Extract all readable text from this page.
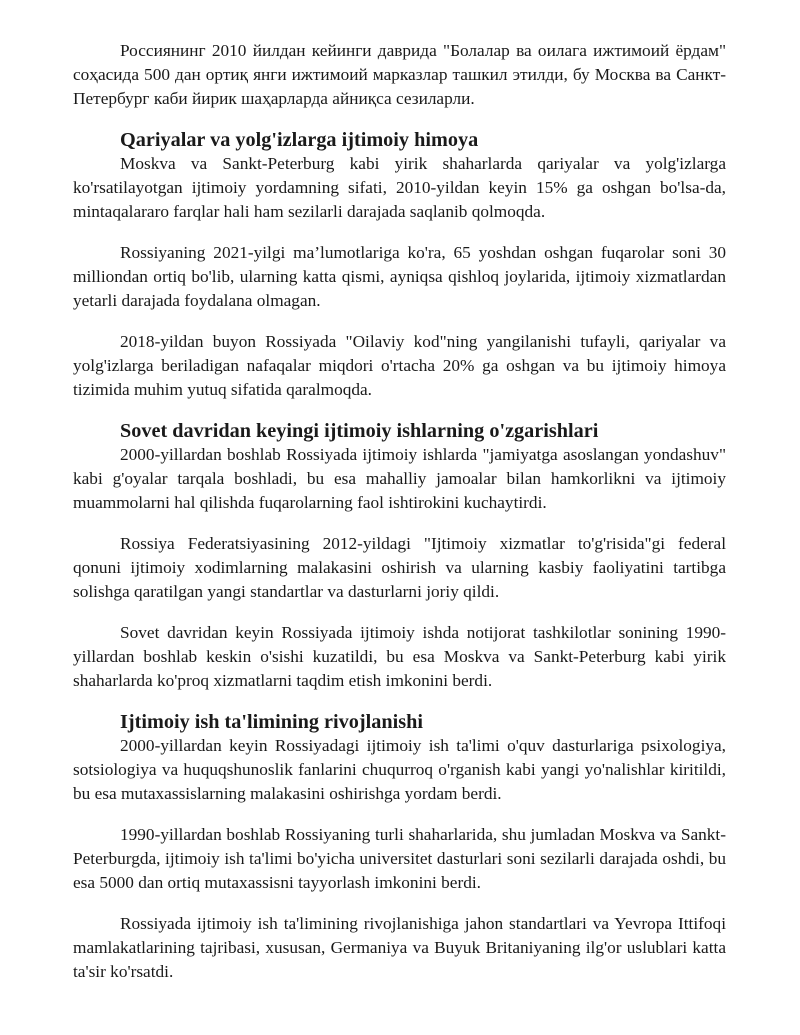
Россиянинг 2010 йилдан кейинги даврида "Болалар ва оилага ижтимоий ёрдам" соҳасида 500 дан ортиқ янги ижтимоий марказлар ташкил этилди, бу Москва ва Санкт-Петербург каби йирик шаҳарларда айниқса сезиларли.

Qariyalar va yolg'izlarga ijtimoiy himoya

Moskva va Sankt-Peterburg kabi yirik shaharlarda qariyalar va yolg'izlarga ko'rsatilayotgan ijtimoiy yordamning sifati, 2010-yildan keyin 15% ga oshgan bo'lsa-da, mintaqalararo farqlar hali ham sezilarli darajada saqlanib qolmoqda.

Rossiyaning 2021-yilgi ma’lumotlariga ko'ra, 65 yoshdan oshgan fuqarolar soni 30 milliondan ortiq bo'lib, ularning katta qismi, ayniqsa qishloq joylarida, ijtimoiy xizmatlardan yetarli darajada foydalana olmagan.

2018-yildan buyon Rossiyada "Oilaviy kod"ning yangilanishi tufayli, qariyalar va yolg'izlarga beriladigan nafaqalar miqdori o'rtacha 20% ga oshgan va bu ijtimoiy himoya tizimida muhim yutuq sifatida qaralmoqda.

Sovet davridan keyingi ijtimoiy ishlarning o'zgarishlari

2000-yillardan boshlab Rossiyada ijtimoiy ishlarda "jamiyatga asoslangan yondashuv" kabi g'oyalar tarqala boshladi, bu esa mahalliy jamoalar bilan hamkorlikni va ijtimoiy muammolarni hal qilishda fuqarolarning faol ishtirokini kuchaytirdi.

Rossiya Federatsiyasining 2012-yildagi "Ijtimoiy xizmatlar to'g'risida"gi federal qonuni ijtimoiy xodimlarning malakasini oshirish va ularning kasbiy faoliyatini tartibga solishga qaratilgan yangi standartlar va dasturlarni joriy qildi.

Sovet davridan keyin Rossiyada ijtimoiy ishda notijorat tashkilotlar sonining 1990-yillardan boshlab keskin o'sishi kuzatildi, bu esa Moskva va Sankt-Peterburg kabi yirik shaharlarda ko'proq xizmatlarni taqdim etish imkonini berdi.

Ijtimoiy ish ta'limining rivojlanishi

2000-yillardan keyin Rossiyadagi ijtimoiy ish ta'limi o'quv dasturlariga psixologiya, sotsiologiya va huquqshunoslik fanlarini chuqurroq o'rganish kabi yangi yo'nalishlar kiritildi, bu esa mutaxassislarning malakasini oshirishga yordam berdi.

1990-yillardan boshlab Rossiyaning turli shaharlarida, shu jumladan Moskva va Sankt-Peterburgda, ijtimoiy ish ta'limi bo'yicha universitet dasturlari soni sezilarli darajada oshdi, bu esa 5000 dan ortiq mutaxassisni tayyorlash imkonini berdi.

Rossiyada ijtimoiy ish ta'limining rivojlanishiga jahon standartlari va Yevropa Ittifoqi mamlakatlarining tajribasi, xususan, Germaniya va Buyuk Britaniyaning ilg'or uslublari katta ta'sir ko'rsatdi.
